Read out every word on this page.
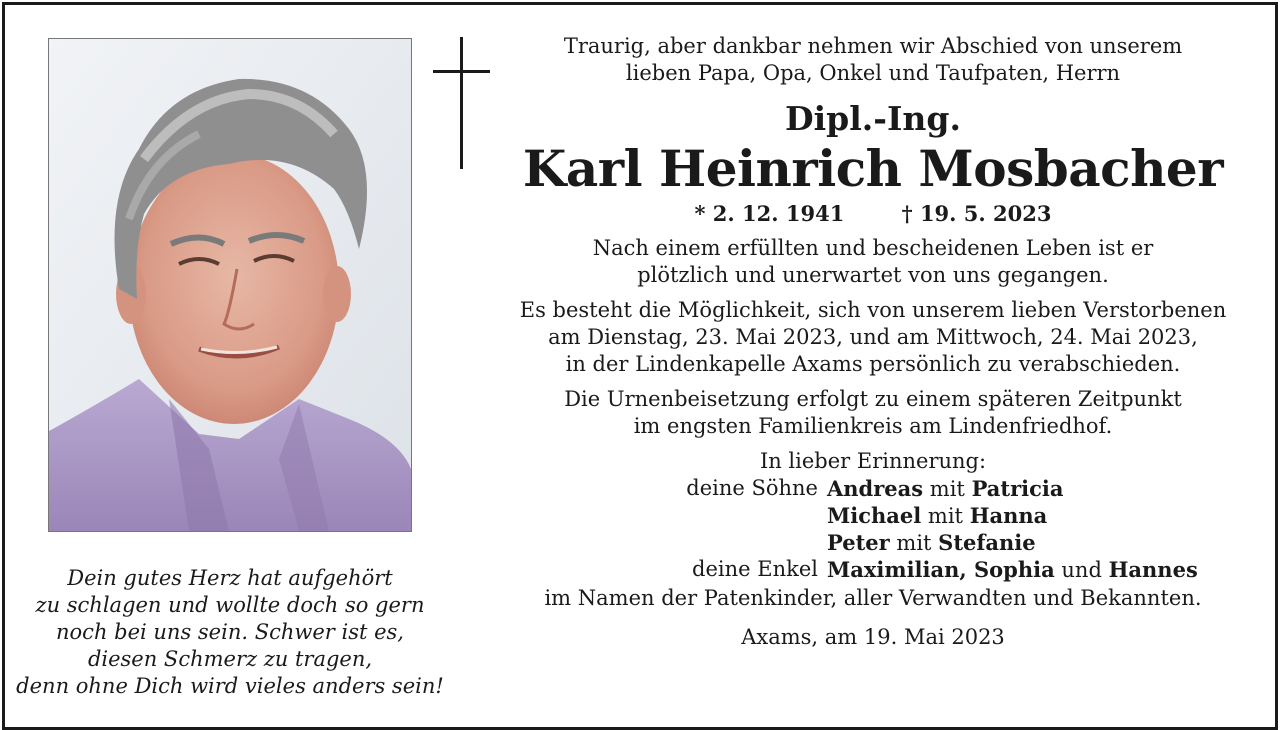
Dein gutes Herz hat aufgehört
zu schlagen und wollte doch so gern
noch bei uns sein. Schwer ist es,
diesen Schmerz zu tragen,
denn ohne Dich wird vieles anders sein!
Traurig, aber dankbar nehmen wir Abschied von unserem
lieben Papa, Opa, Onkel und Taufpaten, Herrn
Dipl.-Ing.
Karl Heinrich Mosbacher
* 2. 12. 1941	† 19. 5. 2023
Nach einem erfüllten und bescheidenen Leben ist er
plötzlich und unerwartet von uns gegangen.
Es besteht die Möglichkeit, sich von unserem lieben Verstorbenen
am Dienstag, 23. Mai 2023, und am Mittwoch, 24. Mai 2023,
in der Lindenkapelle Axams persönlich zu verabschieden.
Die Urnenbeisetzung erfolgt zu einem späteren Zeitpunkt
im engsten Familienkreis am Lindenfriedhof.
In lieber Erinnerung:
deine Söhne Andreas mit Patricia
Michael mit Hanna
Peter mit Stefanie
deine Enkel Maximilian, Sophia und Hannes
im Namen der Patenkinder, aller Verwandten und Bekannten.
Axams, am 19. Mai 2023
